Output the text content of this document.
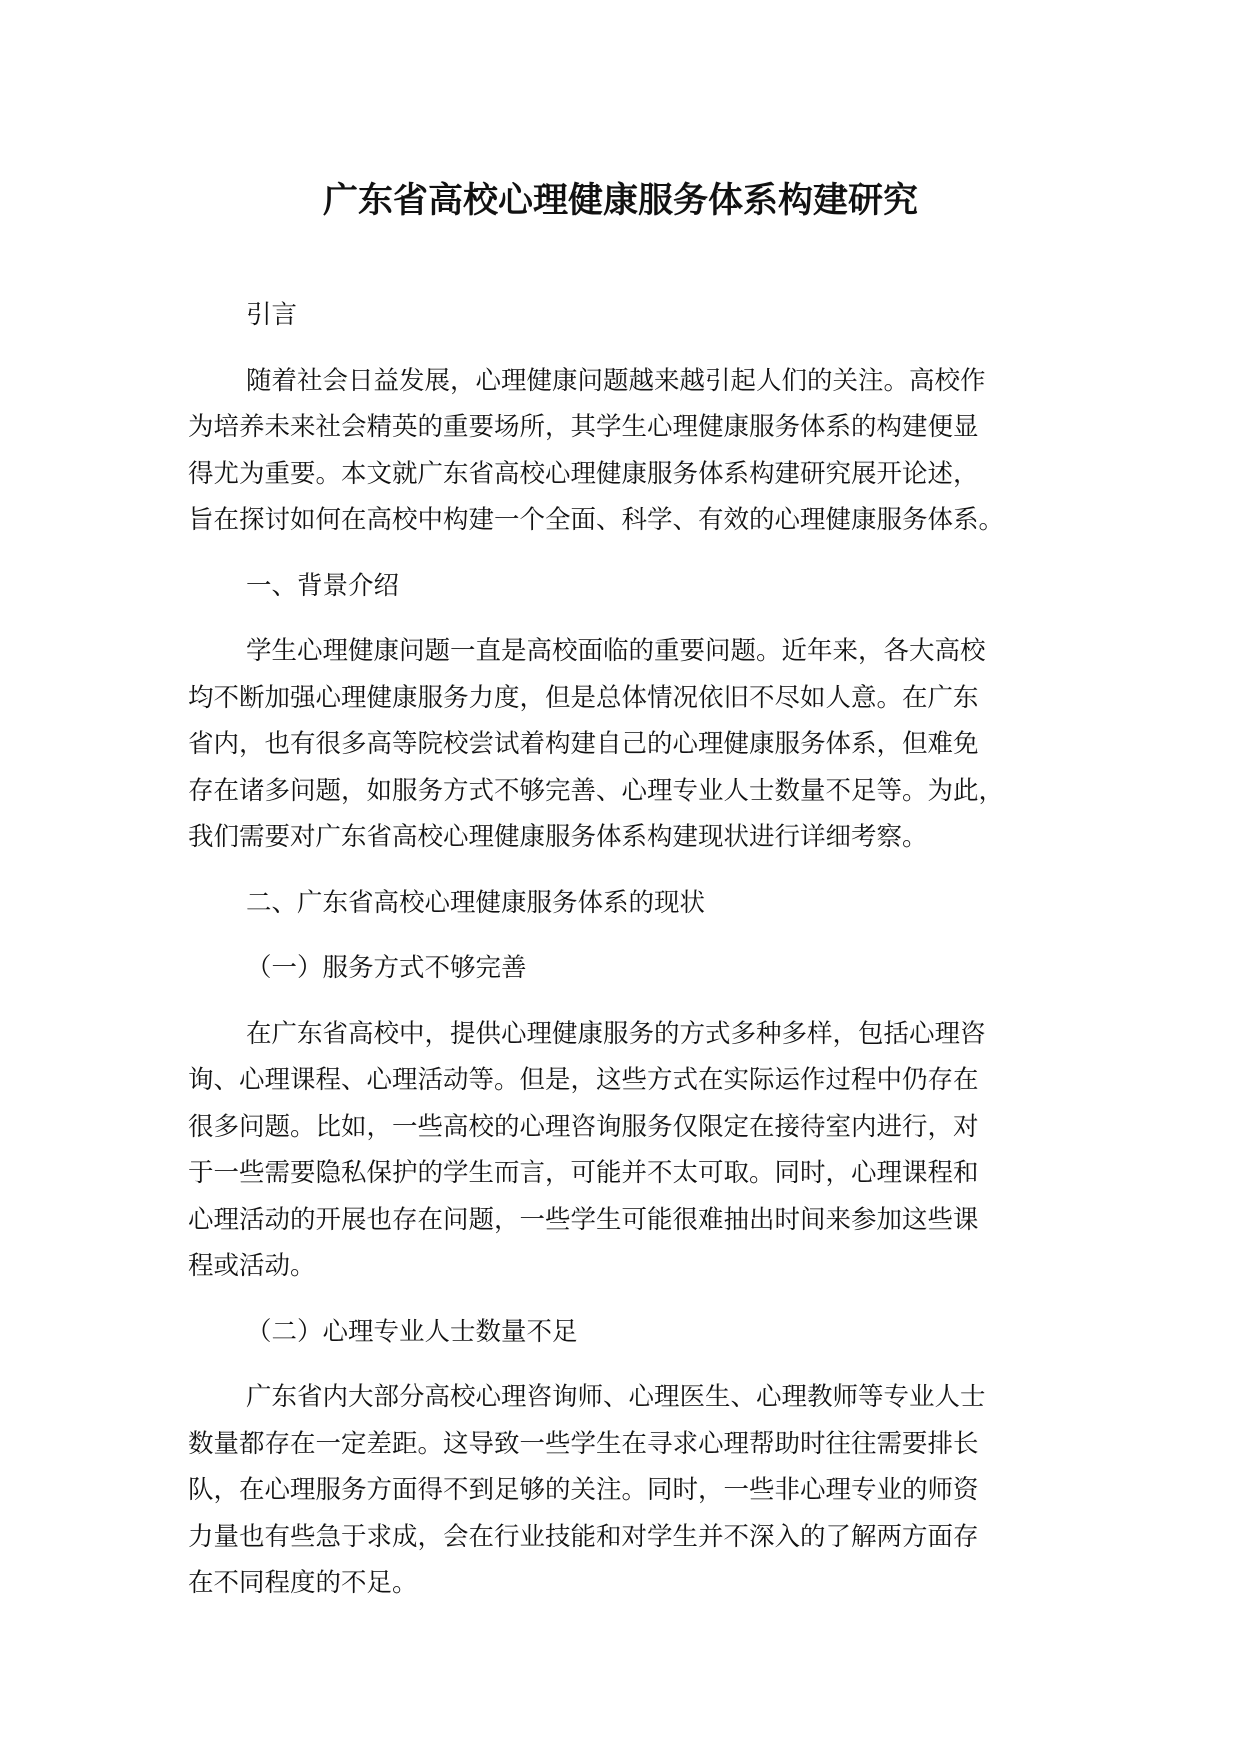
广东省高校心理健康服务体系构建研究

引言

随着社会日益发展，心理健康问题越来越引起人们的关注。高校作
为培养未来社会精英的重要场所，其学生心理健康服务体系的构建便显
得尤为重要。本文就广东省高校心理健康服务体系构建研究展开论述，
旨在探讨如何在高校中构建一个全面、科学、有效的心理健康服务体系。

一、背景介绍

学生心理健康问题一直是高校面临的重要问题。近年来，各大高校
均不断加强心理健康服务力度，但是总体情况依旧不尽如人意。在广东
省内，也有很多高等院校尝试着构建自己的心理健康服务体系，但难免
存在诸多问题，如服务方式不够完善、心理专业人士数量不足等。为此，
我们需要对广东省高校心理健康服务体系构建现状进行详细考察。

二、广东省高校心理健康服务体系的现状

（一）服务方式不够完善

在广东省高校中，提供心理健康服务的方式多种多样，包括心理咨
询、心理课程、心理活动等。但是，这些方式在实际运作过程中仍存在
很多问题。比如，一些高校的心理咨询服务仅限定在接待室内进行，对
于一些需要隐私保护的学生而言，可能并不太可取。同时，心理课程和
心理活动的开展也存在问题，一些学生可能很难抽出时间来参加这些课
程或活动。

（二）心理专业人士数量不足

广东省内大部分高校心理咨询师、心理医生、心理教师等专业人士
数量都存在一定差距。这导致一些学生在寻求心理帮助时往往需要排长
队，在心理服务方面得不到足够的关注。同时，一些非心理专业的师资
力量也有些急于求成，会在行业技能和对学生并不深入的了解两方面存
在不同程度的不足。
